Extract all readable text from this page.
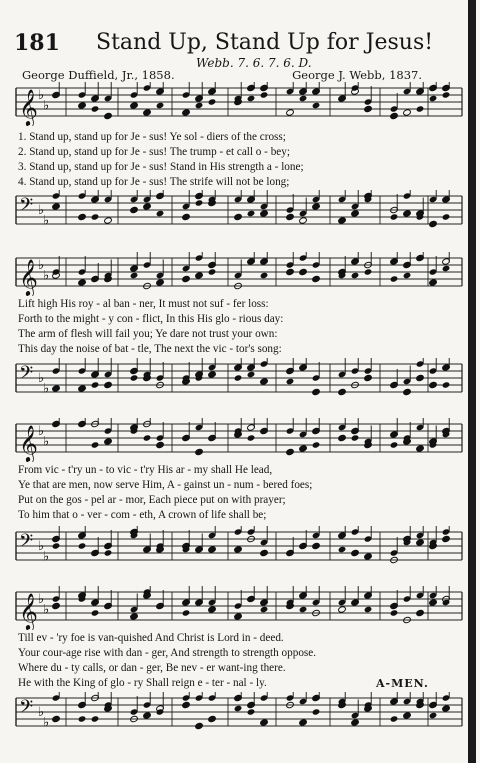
181 Stand Up, Stand Up for Jesus!
Webb. 7. 6. 7. 6. D.
George Duffield, Jr., 1858.	George J. Webb, 1837.
𝄞 ♭
♭
𝄢 ♭
♭
1. Stand up, stand up for Je - sus! Ye sol - diers of the cross;
2. Stand up, stand up for Je - sus! The trump - et call o - bey;
3. Stand up, stand up for Je - sus! Stand in His strength a - lone;
4. Stand up, stand up for Je - sus! The strife will not be long;
𝄞 ♭
♭
𝄢 ♭
♭
Lift high His roy - al ban - ner, It must not suf - fer loss:
Forth to the might - y con - flict, In this His glo - rious day:
The arm of flesh will fail you; Ye dare not trust your own:
This day the noise of bat - tle, The next the vic - tor's song:
𝄞 ♭
♭
𝄢 ♭
♭
From vic - t'ry un - to vic - t'ry His ar - my shall He lead,
Ye that are men, now serve Him, A - gainst un - num - bered foes;
Put on the gos - pel ar - mor, Each piece put on with prayer;
To him that o - ver - com - eth, A crown of life shall be;
𝄞 ♭
♭
𝄢 ♭
♭
Till ev - 'ry foe is van-quished And Christ is Lord in - deed.
Your cour-age rise with dan - ger, And strength to strength oppose.
Where du - ty calls, or dan - ger, Be nev - er want-ing there.
He with the King of glo - ry Shall reign e - ter - nal - ly.	A-MEN.
